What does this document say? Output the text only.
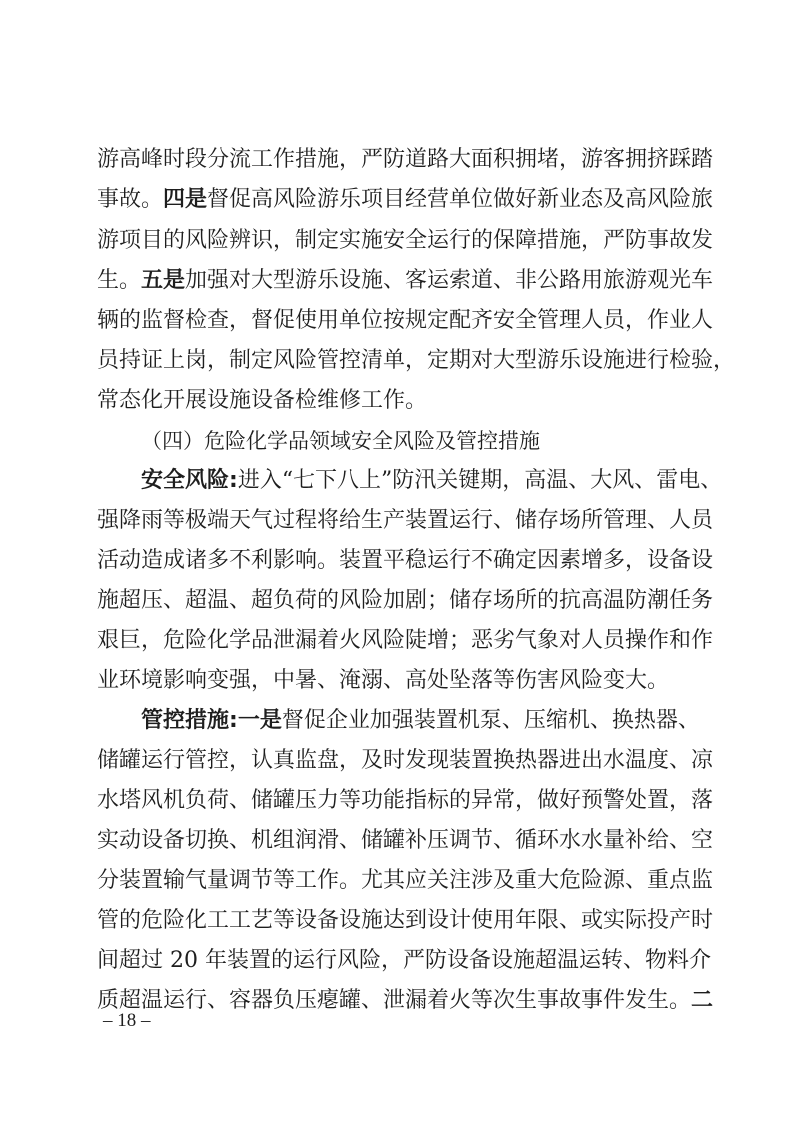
游高峰时段分流工作措施，严防道路大面积拥堵，游客拥挤踩踏
事故。四是督促高风险游乐项目经营单位做好新业态及高风险旅
游项目的风险辨识，制定实施安全运行的保障措施，严防事故发
生。五是加强对大型游乐设施、客运索道、非公路用旅游观光车
辆的监督检查，督促使用单位按规定配齐安全管理人员，作业人
员持证上岗，制定风险管控清单，定期对大型游乐设施进行检验，
常态化开展设施设备检维修工作。
（四）危险化学品领域安全风险及管控措施
安全风险:进入“七下八上”防汛关键期，高温、大风、雷电、
强降雨等极端天气过程将给生产装置运行、储存场所管理、人员
活动造成诸多不利影响。装置平稳运行不确定因素增多，设备设
施超压、超温、超负荷的风险加剧；储存场所的抗高温防潮任务
艰巨，危险化学品泄漏着火风险陡增；恶劣气象对人员操作和作
业环境影响变强，中暑、淹溺、高处坠落等伤害风险变大。
管控措施:一是督促企业加强装置机泵、压缩机、换热器、
储罐运行管控，认真监盘，及时发现装置换热器进出水温度、凉
水塔风机负荷、储罐压力等功能指标的异常，做好预警处置，落
实动设备切换、机组润滑、储罐补压调节、循环水水量补给、空
分装置输气量调节等工作。尤其应关注涉及重大危险源、重点监
管的危险化工工艺等设备设施达到设计使用年限、或实际投产时
间超过 20 年装置的运行风险，严防设备设施超温运转、物料介
质超温运行、容器负压瘪罐、泄漏着火等次生事故事件发生。二
– 18 –
